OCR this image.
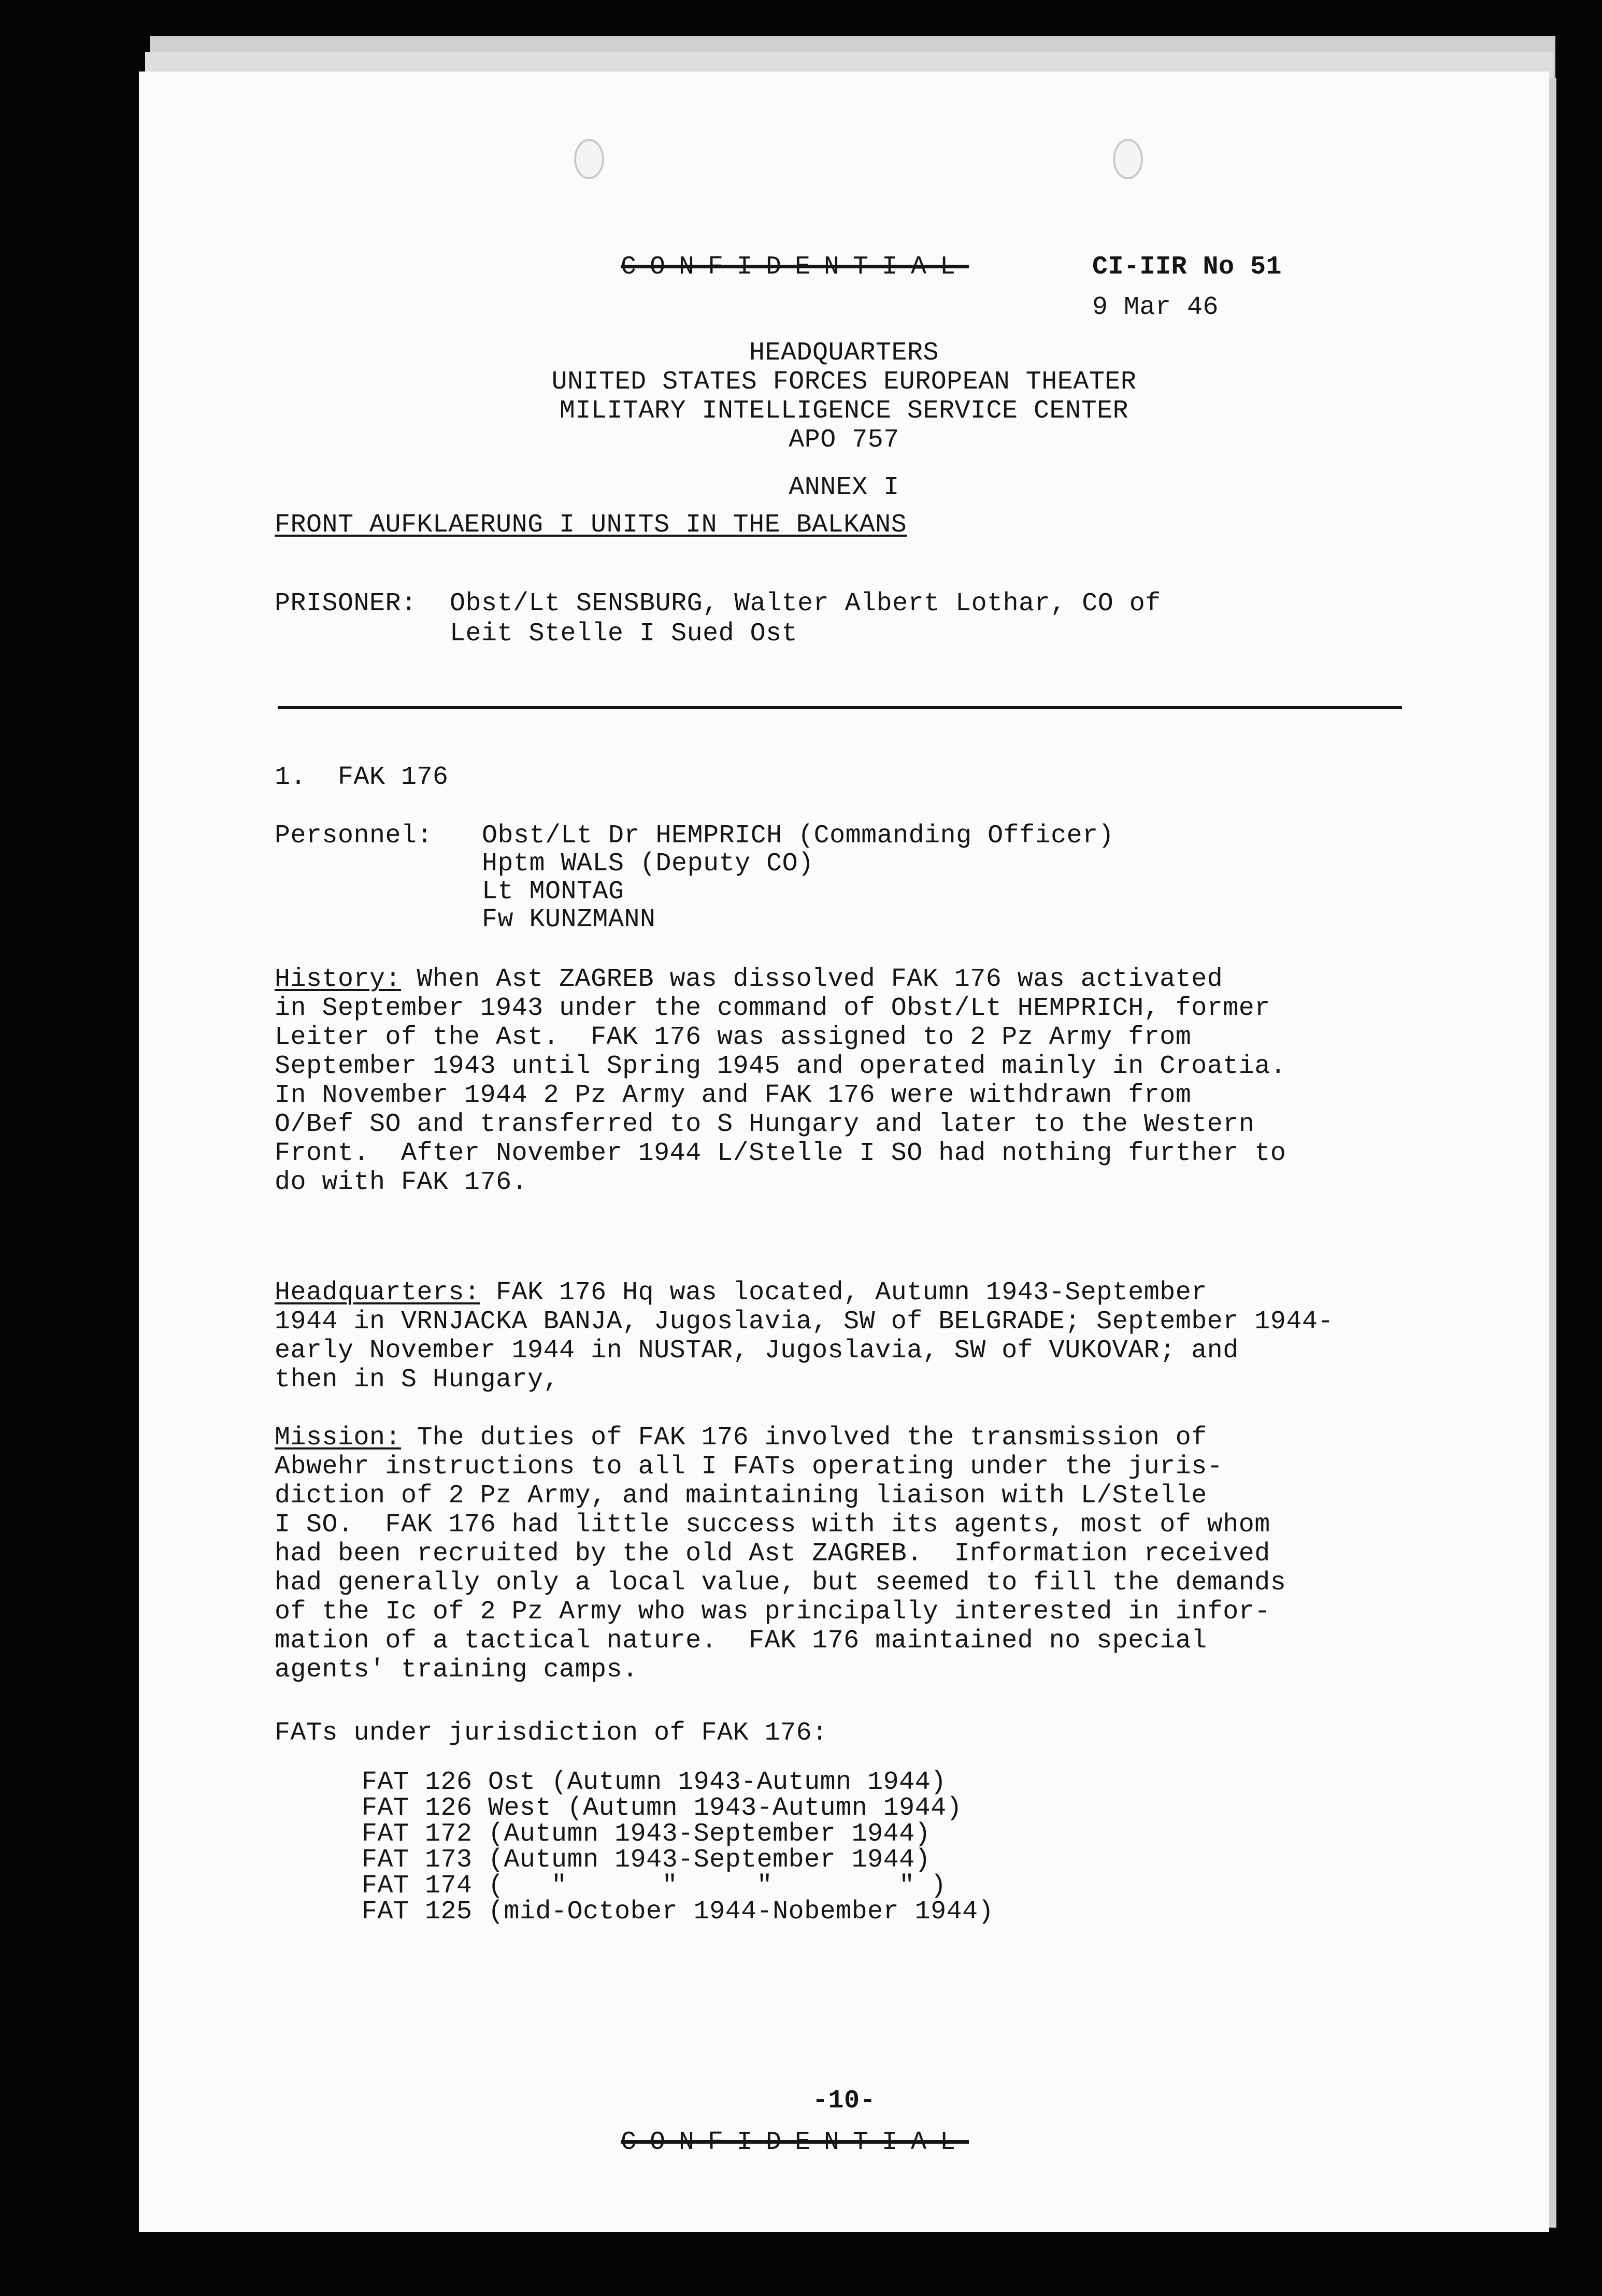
CONFIDENTIAL	CI-IIR No 51
9 Mar 46
HEADQUARTERS
UNITED STATES FORCES EUROPEAN THEATER
MILITARY INTELLIGENCE SERVICE CENTER
APO 757
ANNEX I
FRONT AUFKLAERUNG I UNITS IN THE BALKANS
PRISONER: Obst/Lt SENSBURG, Walter Albert Lothar, CO of
Leit Stelle I Sued Ost
1.  FAK 176
Personnel: Obst/Lt Dr HEMPRICH (Commanding Officer)
Hptm WALS (Deputy CO)
Lt MONTAG
Fw KUNZMANN
History: When Ast ZAGREB was dissolved FAK 176 was activated
in September 1943 under the command of Obst/Lt HEMPRICH, former
Leiter of the Ast.  FAK 176 was assigned to 2 Pz Army from
September 1943 until Spring 1945 and operated mainly in Croatia.
In November 1944 2 Pz Army and FAK 176 were withdrawn from
O/Bef SO and transferred to S Hungary and later to the Western
Front.  After November 1944 L/Stelle I SO had nothing further to
do with FAK 176.
Headquarters: FAK 176 Hq was located, Autumn 1943-September
1944 in VRNJACKA BANJA, Jugoslavia, SW of BELGRADE; September 1944-
early November 1944 in NUSTAR, Jugoslavia, SW of VUKOVAR; and
then in S Hungary,
Mission: The duties of FAK 176 involved the transmission of
Abwehr instructions to all I FATs operating under the juris-
diction of 2 Pz Army, and maintaining liaison with L/Stelle
I SO.  FAK 176 had little success with its agents, most of whom
had been recruited by the old Ast ZAGREB.  Information received
had generally only a local value, but seemed to fill the demands
of the Ic of 2 Pz Army who was principally interested in infor-
mation of a tactical nature.  FAK 176 maintained no special
agents' training camps.
FATs under jurisdiction of FAK 176:
FAT 126 Ost (Autumn 1943-Autumn 1944)
FAT 126 West (Autumn 1943-Autumn 1944)
FAT 172 (Autumn 1943-September 1944)
FAT 173 (Autumn 1943-September 1944)
FAT 174 (   "      "     "        " )
FAT 125 (mid-October 1944-Nobember 1944)
-10-
CONFIDENTIAL
